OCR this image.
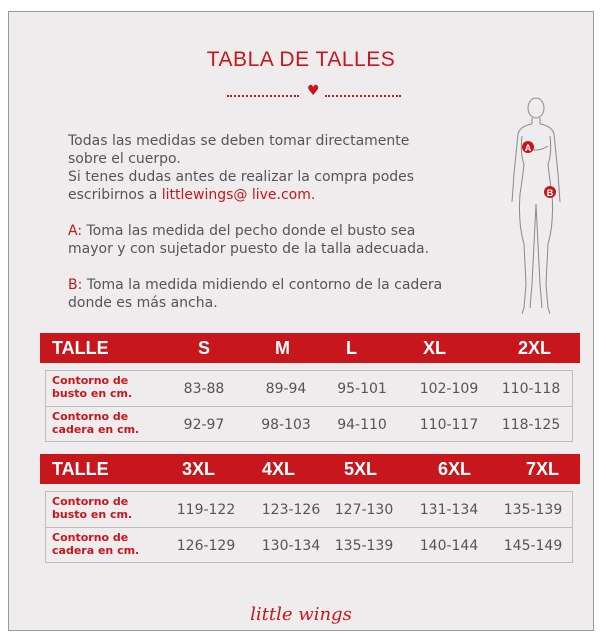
TABLA DE TALLES
♥

Todas las medidas se deben tomar directamente

sobre el cuerpo.

Si tenes dudas antes de realizar la compra podes

escribirnos a littlewings@ live.com.

A: Toma las medida del pecho donde el busto sea

mayor y con sujetador puesto de la talla adecuada.

B: Toma la medida midiendo el contorno de la cadera

donde es más ancha.

A
B
TALLE	S	M	L	XL	2XL
Contorno de
busto en cm.	83-88	89-94	95-101	102-109	110-118
Contorno de
cadera en cm.	92-97	98-103	94-110	110-117	118-125
TALLE	3XL	4XL	5XL	6XL	7XL
Contorno de
busto en cm.	119-122	123-126	127-130	131-134	135-139
Contorno de
cadera en cm.	126-129	130-134	135-139	140-144	145-149
little wings
